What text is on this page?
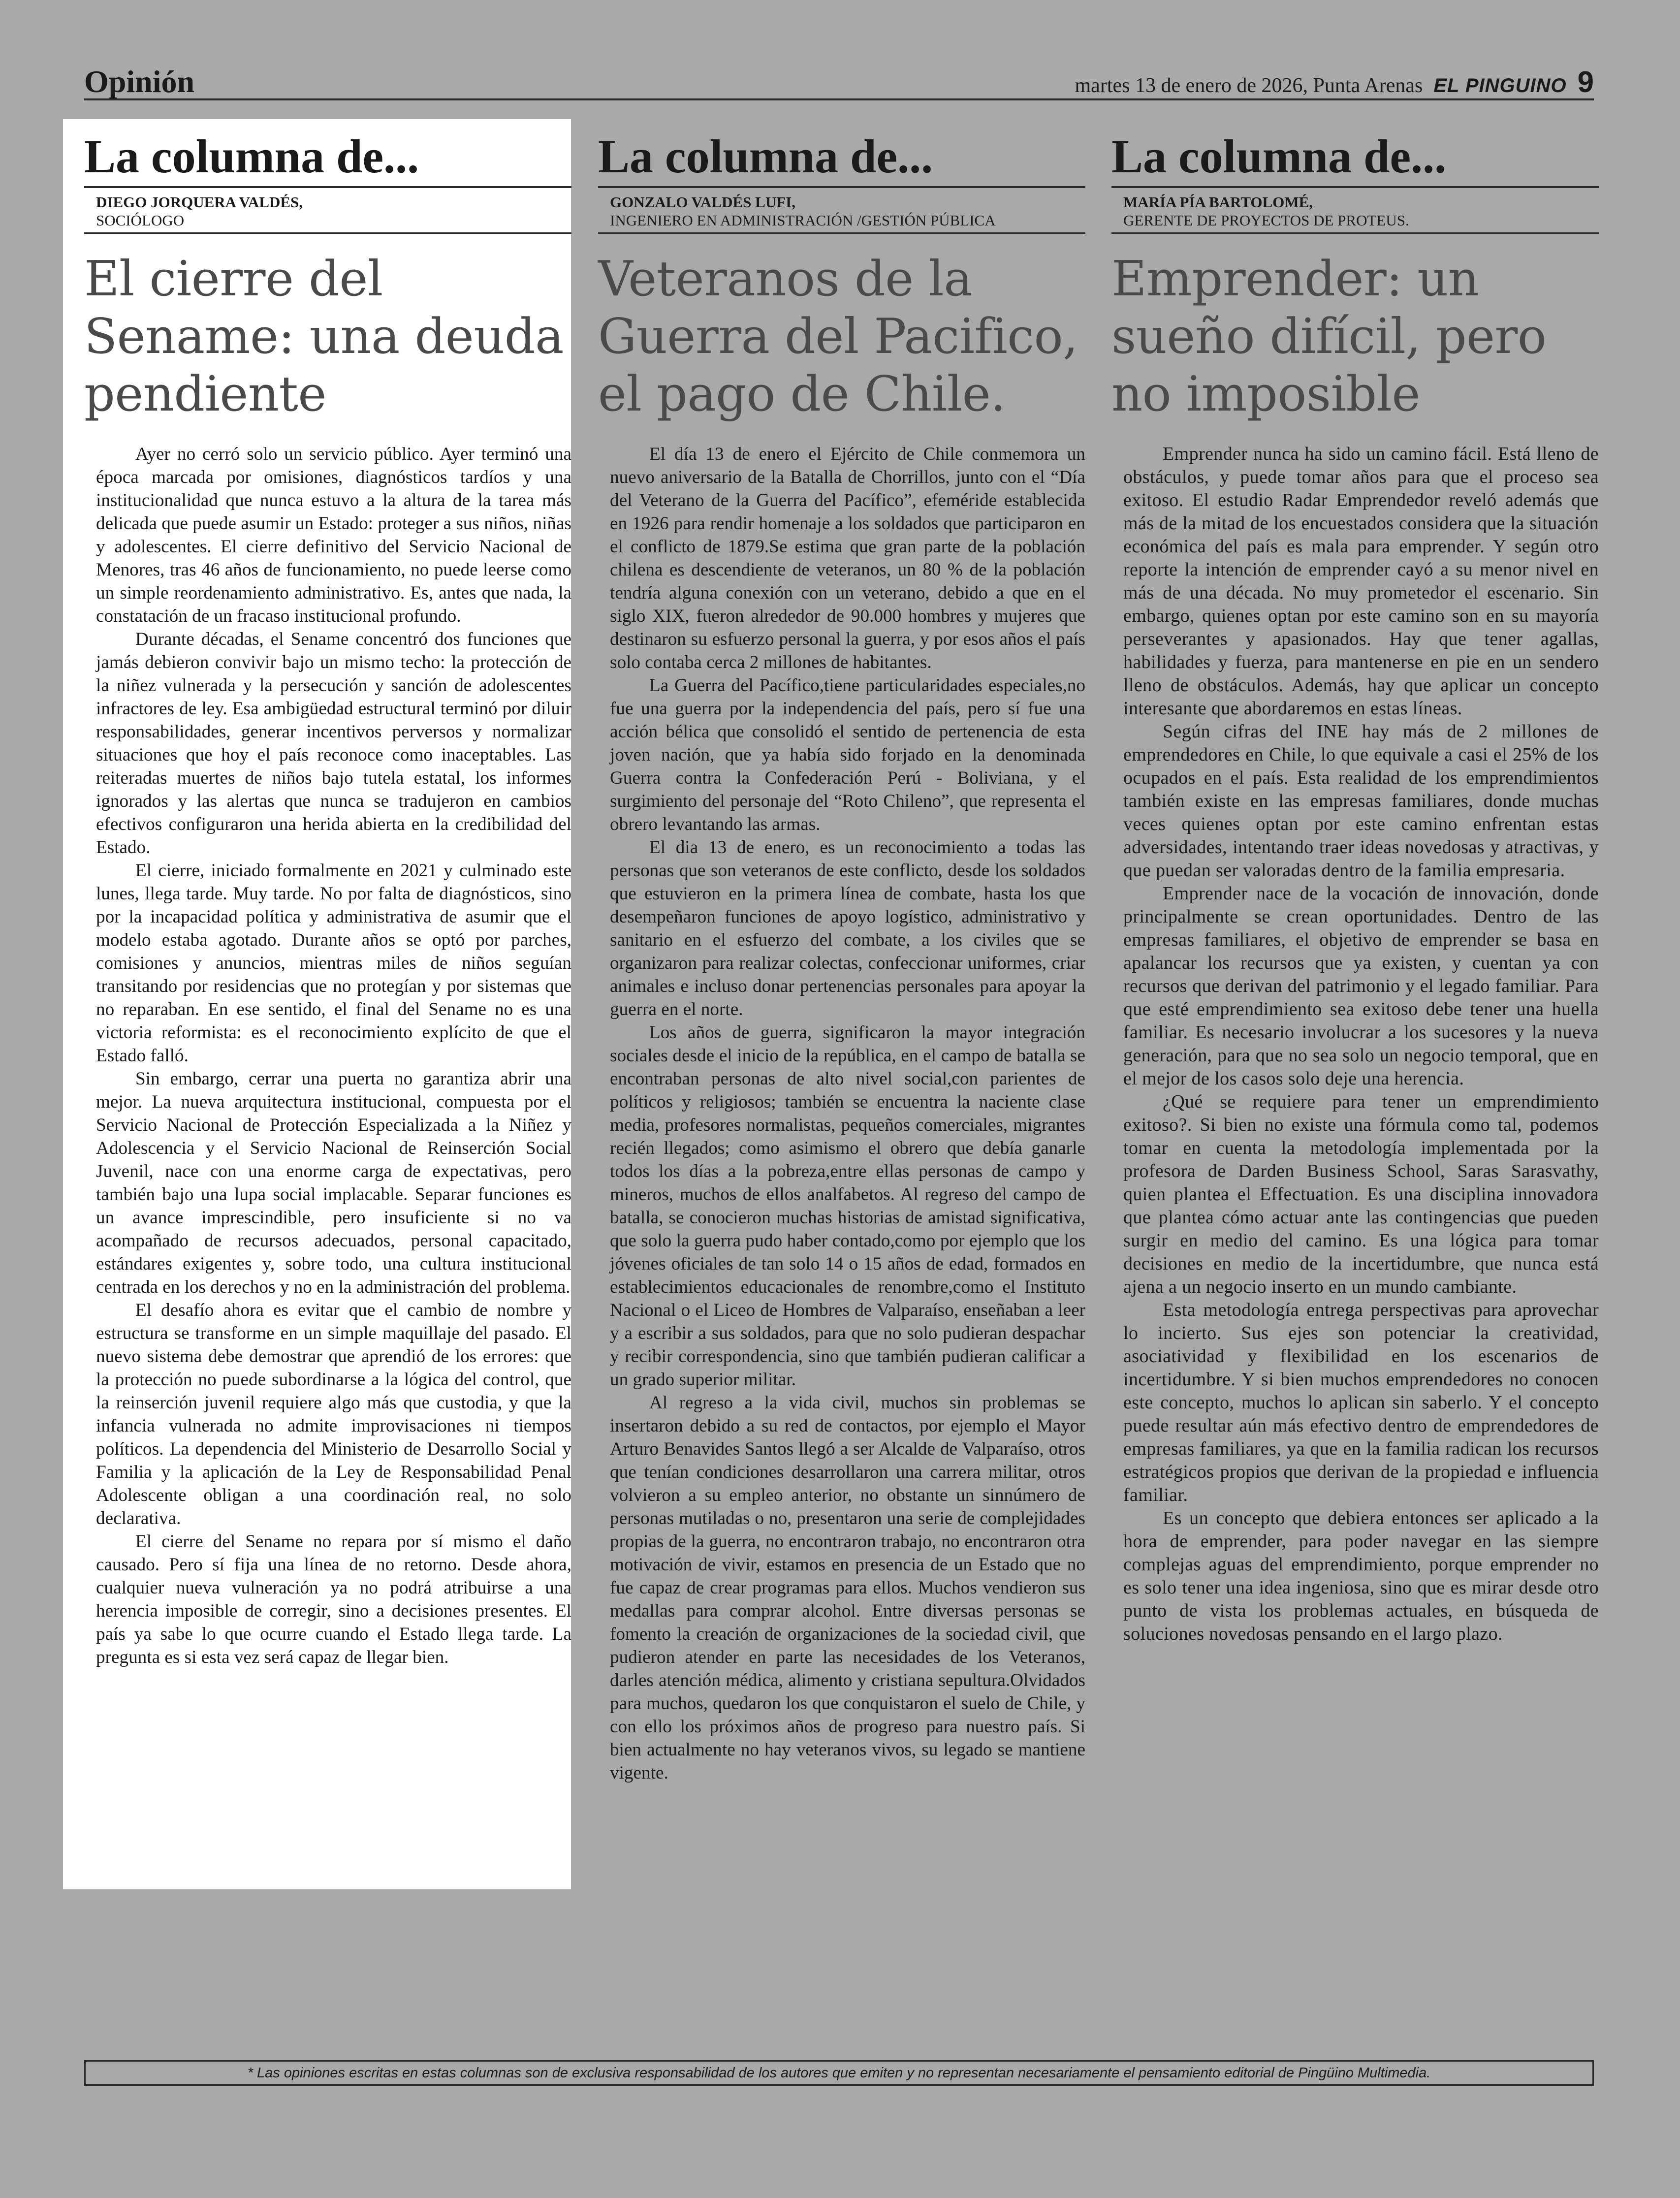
Opinión	martes 13 de enero de 2026, Punta Arenas EL PINGUINO 9
La columna de...
DIEGO JORQUERA VALDÉS,
SOCIÓLOGO
El cierre del Sename: una deuda pendiente

Ayer no cerró solo un servicio público. Ayer terminó una época marcada por omisiones, diagnósticos tardíos y una institucionalidad que nunca estuvo a la altura de la tarea más delicada que puede asumir un Estado: proteger a sus niños, niñas y adolescentes. El cierre definitivo del Servicio Nacional de Menores, tras 46 años de funcionamiento, no puede leerse como un simple reordenamiento administrativo. Es, antes que nada, la constatación de un fracaso institucional profundo.

Durante décadas, el Sename concentró dos funciones que jamás debieron convivir bajo un mismo techo: la protección de la niñez vulnerada y la persecución y sanción de adolescentes infractores de ley. Esa ambigüedad estructural terminó por diluir responsabilidades, generar incentivos perversos y normalizar situaciones que hoy el país reconoce como inaceptables. Las reiteradas muertes de niños bajo tutela estatal, los informes ignorados y las alertas que nunca se tradujeron en cambios efectivos configuraron una herida abierta en la credibilidad del Estado.

El cierre, iniciado formalmente en 2021 y culminado este lunes, llega tarde. Muy tarde. No por falta de diagnósticos, sino por la incapacidad política y administrativa de asumir que el modelo estaba agotado. Durante años se optó por parches, comisiones y anuncios, mientras miles de niños seguían transitando por residencias que no protegían y por sistemas que no reparaban. En ese sentido, el final del Sename no es una victoria reformista: es el reconocimiento explícito de que el Estado falló.

Sin embargo, cerrar una puerta no garantiza abrir una mejor. La nueva arquitectura institucional, compuesta por el Servicio Nacional de Protección Especializada a la Niñez y Adolescencia y el Servicio Nacional de Reinserción Social Juvenil, nace con una enorme carga de expectativas, pero también bajo una lupa social implacable. Separar funciones es un avance imprescindible, pero insuficiente si no va acompañado de recursos adecuados, personal capacitado, estándares exigentes y, sobre todo, una cultura institucional centrada en los derechos y no en la administración del problema.

El desafío ahora es evitar que el cambio de nombre y estructura se transforme en un simple maquillaje del pasado. El nuevo sistema debe demostrar que aprendió de los errores: que la protección no puede subordinarse a la lógica del control, que la reinserción juvenil requiere algo más que custodia, y que la infancia vulnerada no admite improvisaciones ni tiempos políticos. La dependencia del Ministerio de Desarrollo Social y Familia y la aplicación de la Ley de Responsabilidad Penal Adolescente obligan a una coordinación real, no solo declarativa.

El cierre del Sename no repara por sí mismo el daño causado. Pero sí fija una línea de no retorno. Desde ahora, cualquier nueva vulneración ya no podrá atribuirse a una herencia imposible de corregir, sino a decisiones presentes. El país ya sabe lo que ocurre cuando el Estado llega tarde. La pregunta es si esta vez será capaz de llegar bien.

La columna de...
GONZALO VALDÉS LUFI,
INGENIERO EN ADMINISTRACIÓN /GESTIÓN PÚBLICA
Veteranos de la Guerra del Pacifico, el pago de Chile.

El día 13 de enero el Ejército de Chile conmemora un nuevo aniversario de la Batalla de Chorrillos, junto con el “Día del Veterano de la Guerra del Pacífico”, efeméride establecida en 1926 para rendir homenaje a los soldados que participaron en el conflicto de 1879.Se estima que gran parte de la población chilena es descendiente de veteranos, un 80 % de la población tendría alguna conexión con un veterano, debido a que en el siglo XIX, fueron alrededor de 90.000 hombres y mujeres que destinaron su esfuerzo personal la guerra, y por esos años el país solo contaba cerca 2 millones de habitantes.

La Guerra del Pacífico,tiene particularidades especiales,no fue una guerra por la independencia del país, pero sí fue una acción bélica que consolidó el sentido de pertenencia de esta joven nación, que ya había sido forjado en la denominada Guerra contra la Confederación Perú - Boliviana, y el surgimiento del personaje del “Roto Chileno”, que representa el obrero levantando las armas.

El dia 13 de enero, es un reconocimiento a todas las personas que son veteranos de este conflicto, desde los soldados que estuvieron en la primera línea de combate, hasta los que desempeñaron funciones de apoyo logístico, administrativo y sanitario en el esfuerzo del combate, a los civiles que se organizaron para realizar colectas, confeccionar uniformes, criar animales e incluso donar pertenencias personales para apoyar la guerra en el norte.

Los años de guerra, significaron la mayor integración sociales desde el inicio de la república, en el campo de batalla se encontraban personas de alto nivel social,con parientes de políticos y religiosos; también se encuentra la naciente clase media, profesores normalistas, pequeños comerciales, migrantes recién llegados; como asimismo el obrero que debía ganarle todos los días a la pobreza,entre ellas personas de campo y mineros, muchos de ellos analfabetos. Al regreso del campo de batalla, se conocieron muchas historias de amistad significativa, que solo la guerra pudo haber contado,como por ejemplo que los jóvenes oficiales de tan solo 14 o 15 años de edad, formados en establecimientos educacionales de renombre,como el Instituto Nacional o el Liceo de Hombres de Valparaíso, enseñaban a leer y a escribir a sus soldados, para que no solo pudieran despachar y recibir correspondencia, sino que también pudieran calificar a un grado superior militar.

Al regreso a la vida civil, muchos sin problemas se insertaron debido a su red de contactos, por ejemplo el Mayor Arturo Benavides Santos llegó a ser Alcalde de Valparaíso, otros que tenían condiciones desarrollaron una carrera militar, otros volvieron a su empleo anterior, no obstante un sinnúmero de personas mutiladas o no, presentaron una serie de complejidades propias de la guerra, no encontraron trabajo, no encontraron otra motivación de vivir, estamos en presencia de un Estado que no fue capaz de crear programas para ellos. Muchos vendieron sus medallas para comprar alcohol. Entre diversas personas se fomento la creación de organizaciones de la sociedad civil, que pudieron atender en parte las necesidades de los Veteranos, darles atención médica, alimento y cristiana sepultura.Olvidados para muchos, quedaron los que conquistaron el suelo de Chile, y con ello los próximos años de progreso para nuestro país. Si bien actualmente no hay veteranos vivos, su legado se mantiene vigente.

La columna de...
MARÍA PÍA BARTOLOMÉ,
GERENTE DE PROYECTOS DE PROTEUS.
Emprender: un sueño difícil, pero no imposible

Emprender nunca ha sido un camino fácil. Está lleno de obstáculos, y puede tomar años para que el proceso sea exitoso. El estudio Radar Emprendedor reveló además que más de la mitad de los encuestados considera que la situación económica del país es mala para emprender. Y según otro reporte la intención de emprender cayó a su menor nivel en más de una década. No muy prometedor el escenario. Sin embargo, quienes optan por este camino son en su mayoría perseverantes y apasionados. Hay que tener agallas, habilidades y fuerza, para mantenerse en pie en un sendero lleno de obstáculos. Además, hay que aplicar un concepto interesante que abordaremos en estas líneas.

Según cifras del INE hay más de 2 millones de emprendedores en Chile, lo que equivale a casi el 25% de los ocupados en el país. Esta realidad de los emprendimientos también existe en las empresas familiares, donde muchas veces quienes optan por este camino enfrentan estas adversidades, intentando traer ideas novedosas y atractivas, y que puedan ser valoradas dentro de la familia empresaria.

Emprender nace de la vocación de innovación, donde principalmente se crean oportunidades. Dentro de las empresas familiares, el objetivo de emprender se basa en apalancar los recursos que ya existen, y cuentan ya con recursos que derivan del patrimonio y el legado familiar. Para que esté emprendimiento sea exitoso debe tener una huella familiar. Es necesario involucrar a los sucesores y la nueva generación, para que no sea solo un negocio temporal, que en el mejor de los casos solo deje una herencia.

¿Qué se requiere para tener un emprendimiento exitoso?. Si bien no existe una fórmula como tal, podemos tomar en cuenta la metodología implementada por la profesora de Darden Business School, Saras Sarasvathy, quien plantea el Effectuation. Es una disciplina innovadora que plantea cómo actuar ante las contingencias que pueden surgir en medio del camino. Es una lógica para tomar decisiones en medio de la incertidumbre, que nunca está ajena a un negocio inserto en un mundo cambiante.

Esta metodología entrega perspectivas para aprovechar lo incierto. Sus ejes son potenciar la creatividad, asociatividad y flexibilidad en los escenarios de incertidumbre. Y si bien muchos emprendedores no conocen este concepto, muchos lo aplican sin saberlo. Y el concepto puede resultar aún más efectivo dentro de emprendedores de empresas familiares, ya que en la familia radican los recursos estratégicos propios que derivan de la propiedad e influencia familiar.

Es un concepto que debiera entonces ser aplicado a la hora de emprender, para poder navegar en las siempre complejas aguas del emprendimiento, porque emprender no es solo tener una idea ingeniosa, sino que es mirar desde otro punto de vista los problemas actuales, en búsqueda de soluciones novedosas pensando en el largo plazo.

* Las opiniones escritas en estas columnas son de exclusiva responsabilidad de los autores que emiten y no representan necesariamente el pensamiento editorial de Pingüino Multimedia.
